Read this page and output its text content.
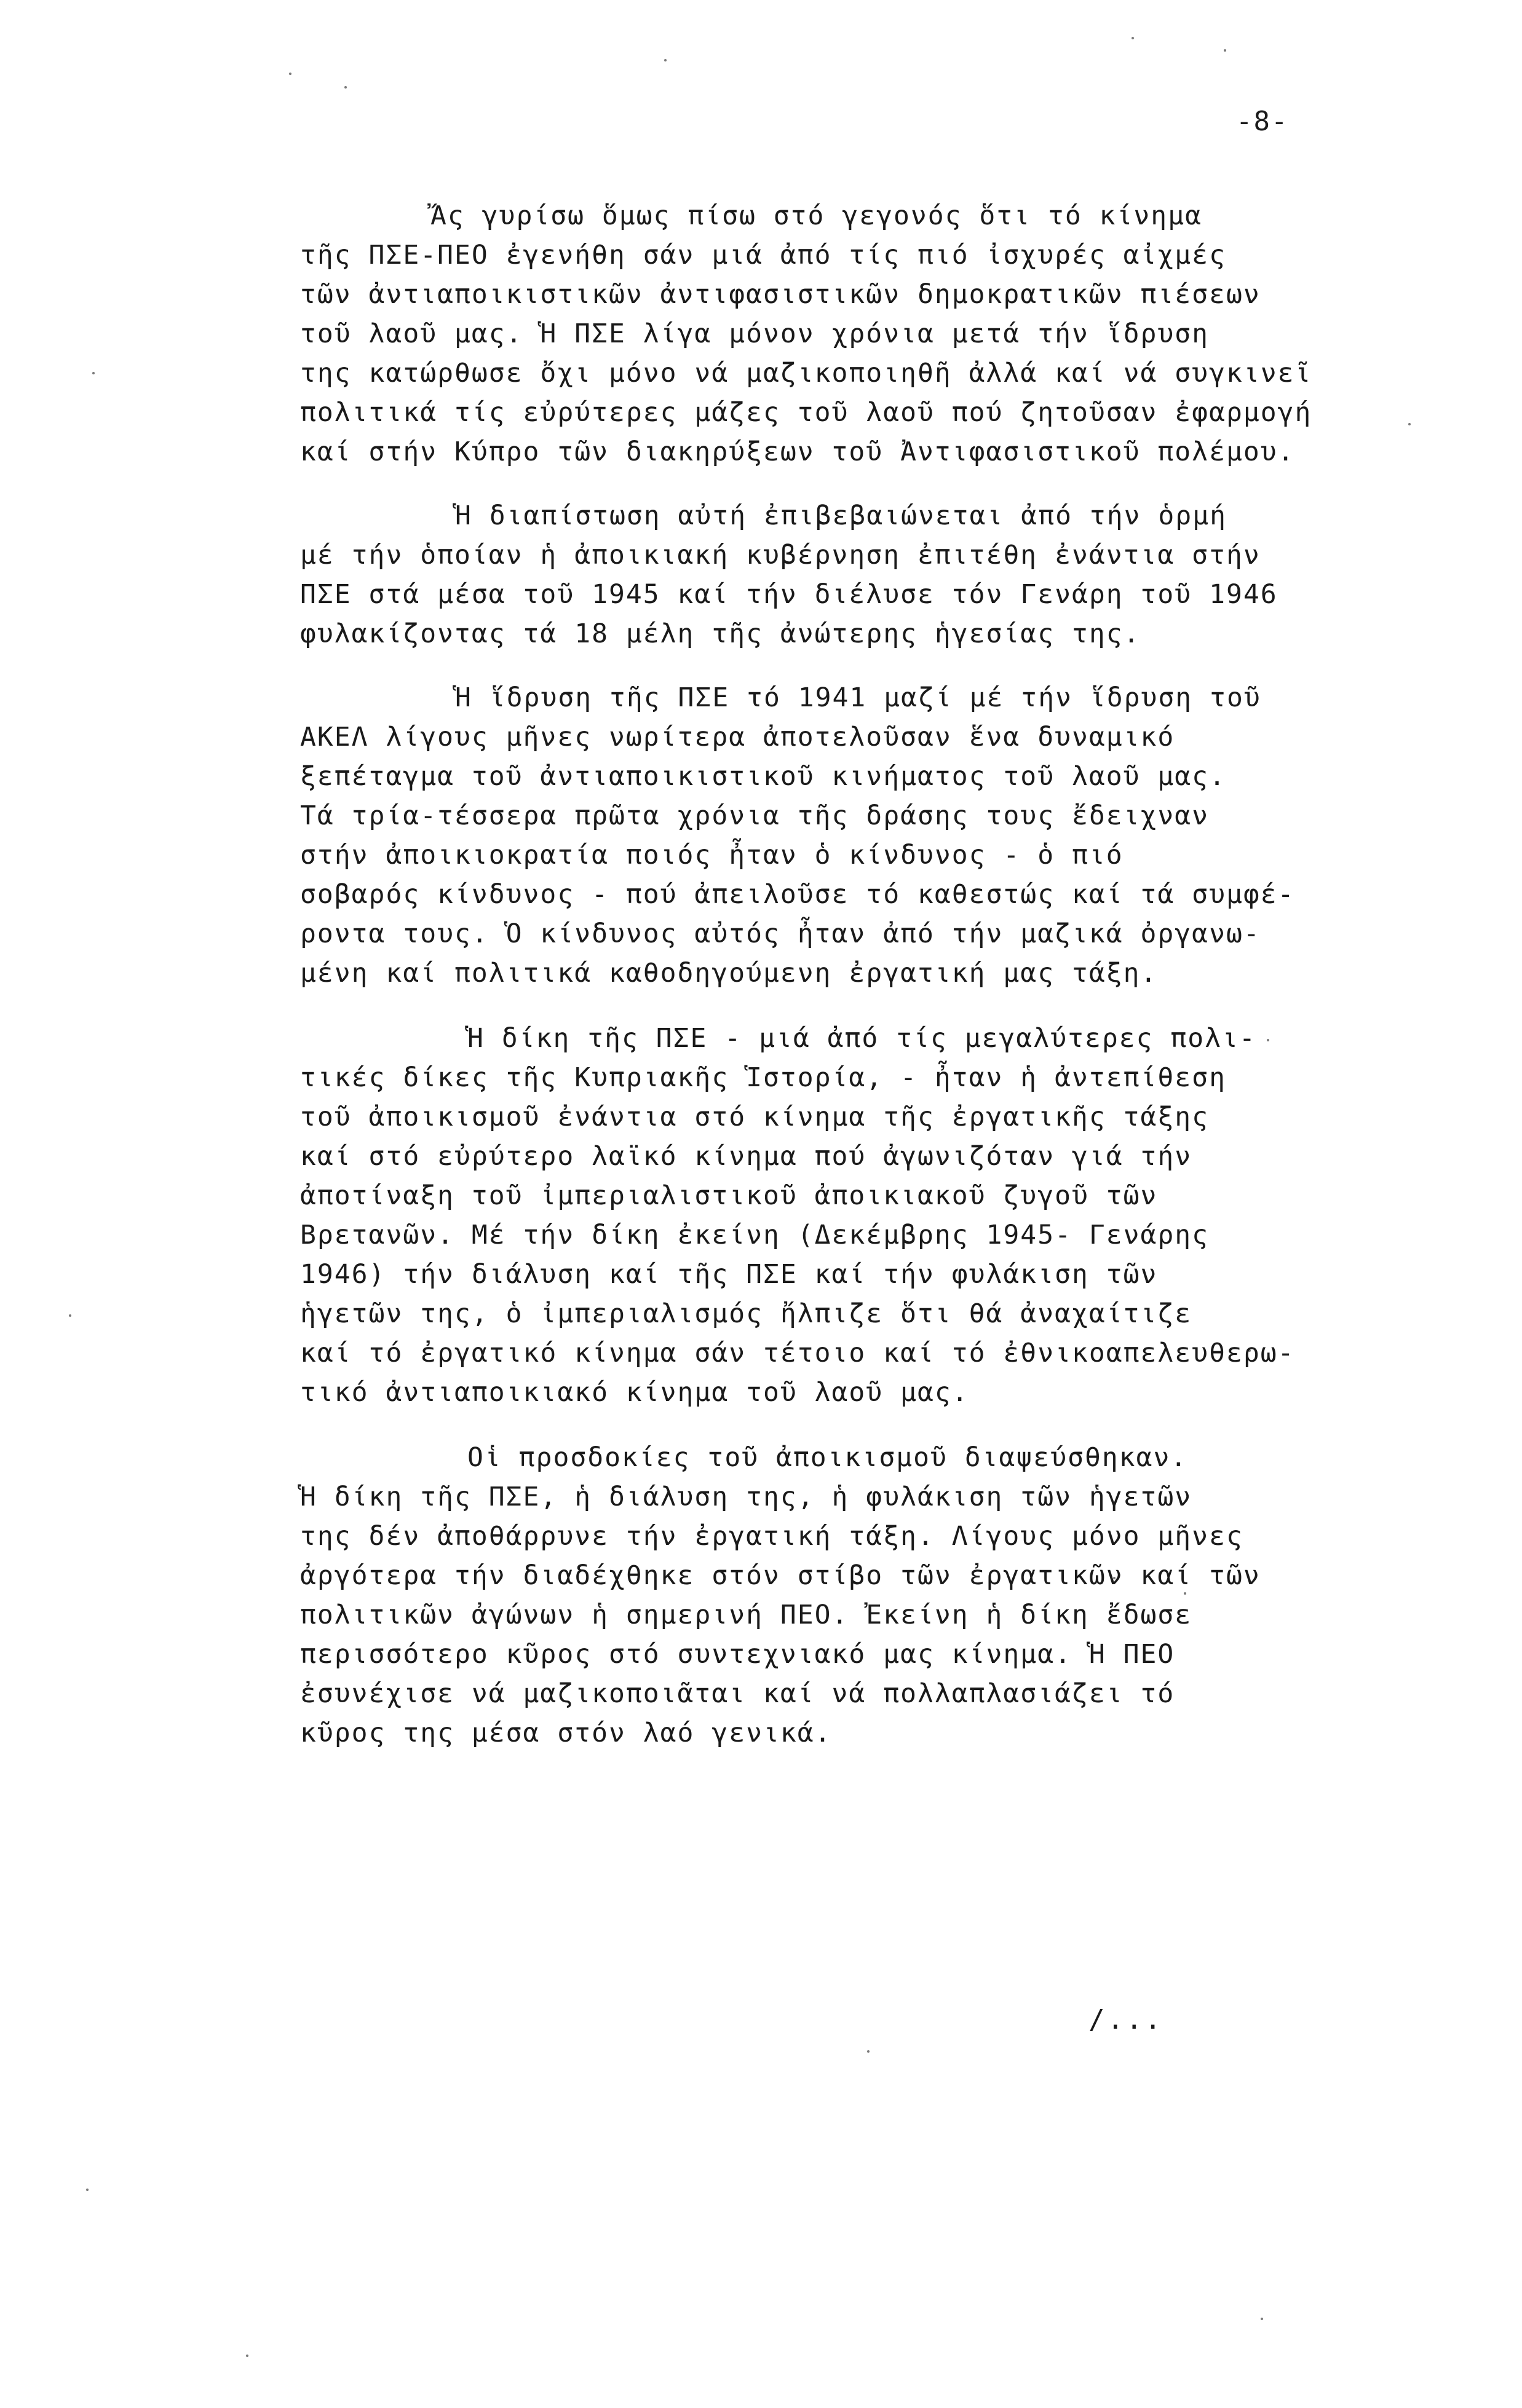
-8-
Ἄς γυρίσω ὅμως πίσω στό γεγονός ὅτι τό κίνημα
τῆς ΠΣΕ-ΠΕΟ ἐγενήθη σάν μιά ἀπό τίς πιό ἰσχυρές αἰχμές
τῶν ἀντιαποικιστικῶν ἀντιφασιστικῶν δημοκρατικῶν πιέσεων
τοῦ λαοῦ μας. Ἡ ΠΣΕ λίγα μόνον χρόνια μετά τήν ἵδρυση
της κατώρθωσε ὄχι μόνο νά μαζικοποιηθῆ ἀλλά καί νά συγκινεῖ
πολιτικά τίς εὐρύτερες μάζες τοῦ λαοῦ πού ζητοῦσαν ἐφαρμογή
καί στήν Κύπρο τῶν διακηρύξεων τοῦ Ἀντιφασιστικοῦ πολέμου.
Ἡ διαπίστωση αὐτή ἐπιβεβαιώνεται ἀπό τήν ὁρμή
μέ τήν ὁποίαν ἡ ἀποικιακή κυβέρνηση ἐπιτέθη ἐνάντια στήν
ΠΣΕ στά μέσα τοῦ 1945 καί τήν διέλυσε τόν Γενάρη τοῦ 1946
φυλακίζοντας τά 18 μέλη τῆς ἀνώτερης ἡγεσίας της.
Ἡ ἵδρυση τῆς ΠΣΕ τό 1941 μαζί μέ τήν ἵδρυση τοῦ
ΑΚΕΛ λίγους μῆνες νωρίτερα ἀποτελοῦσαν ἕνα δυναμικό
ξεπέταγμα τοῦ ἀντιαποικιστικοῦ κινήματος τοῦ λαοῦ μας.
Τά τρία-τέσσερα πρῶτα χρόνια τῆς δράσης τους ἔδειχναν
στήν ἀποικιοκρατία ποιός ἦταν ὁ κίνδυνος - ὁ πιό
σοβαρός κίνδυνος - πού ἀπειλοῦσε τό καθεστώς καί τά συμφέ-
ροντα τους. Ὁ κίνδυνος αὐτός ἦταν ἀπό τήν μαζικά ὀργανω-
μένη καί πολιτικά καθοδηγούμενη ἐργατική μας τάξη.
Ἡ δίκη τῆς ΠΣΕ - μιά ἀπό τίς μεγαλύτερες πολι-
τικές δίκες τῆς Κυπριακῆς Ἱστορία, - ἦταν ἡ ἀντεπίθεση
τοῦ ἀποικισμοῦ ἐνάντια στό κίνημα τῆς ἐργατικῆς τάξης
καί στό εὐρύτερο λαϊκό κίνημα πού ἀγωνιζόταν γιά τήν
ἀποτίναξη τοῦ ἰμπεριαλιστικοῦ ἀποικιακοῦ ζυγοῦ τῶν
Βρετανῶν. Μέ τήν δίκη ἐκείνη (Δεκέμβρης 1945- Γενάρης
1946) τήν διάλυση καί τῆς ΠΣΕ καί τήν φυλάκιση τῶν
ἡγετῶν της, ὁ ἰμπεριαλισμός ἤλπιζε ὅτι θά ἀναχαίτιζε
καί τό ἐργατικό κίνημα σάν τέτοιο καί τό ἐθνικοαπελευθερω-
τικό ἀντιαποικιακό κίνημα τοῦ λαοῦ μας.
Οἱ προσδοκίες τοῦ ἀποικισμοῦ διαψεύσθηκαν.
Ἡ δίκη τῆς ΠΣΕ, ἡ διάλυση της, ἡ φυλάκιση τῶν ἡγετῶν
της δέν ἀποθάρρυνε τήν ἐργατική τάξη. Λίγους μόνο μῆνες
ἀργότερα τήν διαδέχθηκε στόν στίβο τῶν ἐργατικῶν καί τῶν
πολιτικῶν ἀγώνων ἡ σημερινή ΠΕΟ. Ἐκείνη ἡ δίκη ἔδωσε
περισσότερο κῦρος στό συντεχνιακό μας κίνημα. Ἡ ΠΕΟ
ἐσυνέχισε νά μαζικοποιᾶται καί νά πολλαπλασιάζει τό
κῦρος της μέσα στόν λαό γενικά.
/...
